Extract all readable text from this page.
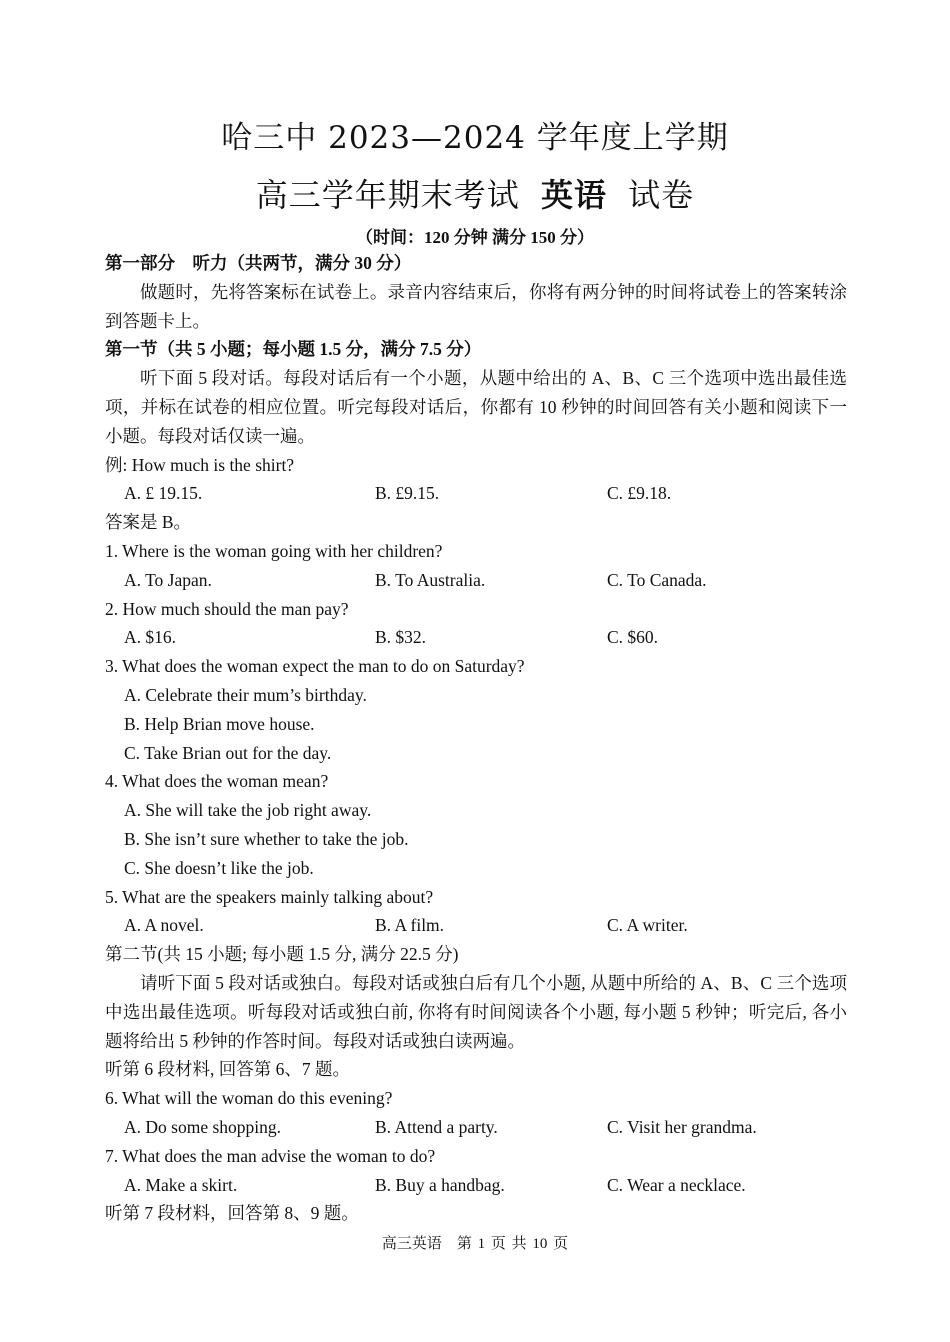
哈三中 2023—2024 学年度上学期
高三学年期末考试 英语 试卷
（时间：120 分钟 满分 150 分）
第一部分　听力（共两节，满分 30 分）
做题时，先将答案标在试卷上。录音内容结束后，你将有两分钟的时间将试卷上的答案转涂到答题卡上。
第一节（共 5 小题；每小题 1.5 分，满分 7.5 分）
听下面 5 段对话。每段对话后有一个小题，从题中给出的 A、B、C 三个选项中选出最佳选项，并标在试卷的相应位置。听完每段对话后，你都有 10 秒钟的时间回答有关小题和阅读下一小题。每段对话仅读一遍。
例: How much is the shirt?
A. £ 19.15.	B. £9.15.	C. £9.18.
答案是 B。
1. Where is the woman going with her children?
A. To Japan.	B. To Australia.	C. To Canada.
2. How much should the man pay?
A. $16.	B. $32.	C. $60.
3. What does the woman expect the man to do on Saturday?
A. Celebrate their mum’s birthday.
B. Help Brian move house.
C. Take Brian out for the day.
4. What does the woman mean?
A. She will take the job right away.
B. She isn’t sure whether to take the job.
C. She doesn’t like the job.
5. What are the speakers mainly talking about?
A. A novel.	B. A film.	C. A writer.
第二节(共 15 小题; 每小题 1.5 分, 满分 22.5 分)
请听下面 5 段对话或独白。每段对话或独白后有几个小题, 从题中所给的 A、B、C 三个选项中选出最佳选项。听每段对话或独白前, 你将有时间阅读各个小题, 每小题 5 秒钟；听完后, 各小题将给出 5 秒钟的作答时间。每段对话或独白读两遍。
听第 6 段材料, 回答第 6、7 题。
6. What will the woman do this evening?
A. Do some shopping.	B. Attend a party.	C. Visit her grandma.
7. What does the man advise the woman to do?
A. Make a skirt.	B. Buy a handbag.	C. Wear a necklace.
听第 7 段材料，回答第 8、9 题。
高三英语　第 1 页 共 10 页
